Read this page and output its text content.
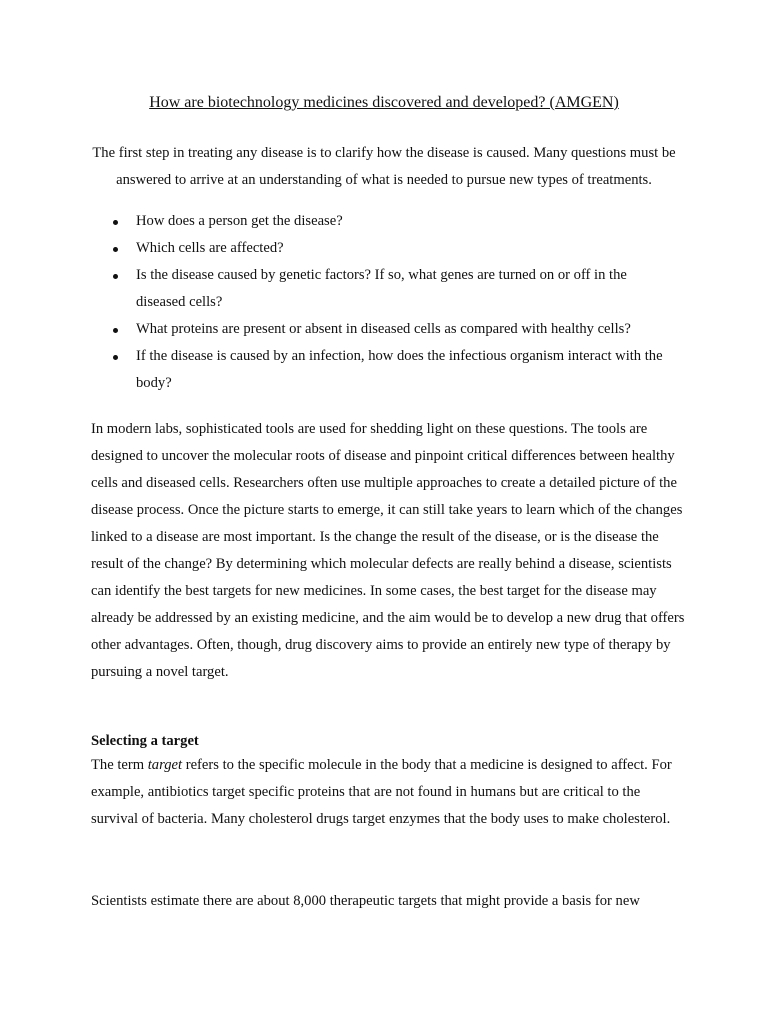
How are biotechnology medicines discovered and developed? (AMGEN)

The first step in treating any disease is to clarify how the disease is caused. Many questions must be answered to arrive at an understanding of what is needed to pursue new types of treatments.

How does a person get the disease?
Which cells are affected?
Is the disease caused by genetic factors? If so, what genes are turned on or off in the diseased cells?
What proteins are present or absent in diseased cells as compared with healthy cells?
If the disease is caused by an infection, how does the infectious organism interact with the body?

In modern labs, sophisticated tools are used for shedding light on these questions. The tools are designed to uncover the molecular roots of disease and pinpoint critical differences between healthy cells and diseased cells. Researchers often use multiple approaches to create a detailed picture of the disease process. Once the picture starts to emerge, it can still take years to learn which of the changes linked to a disease are most important. Is the change the result of the disease, or is the disease the result of the change? By determining which molecular defects are really behind a disease, scientists can identify the best targets for new medicines. In some cases, the best target for the disease may already be addressed by an existing medicine, and the aim would be to develop a new drug that offers other advantages. Often, though, drug discovery aims to provide an entirely new type of therapy by pursuing a novel target.

Selecting a target

The term target refers to the specific molecule in the body that a medicine is designed to affect. For example, antibiotics target specific proteins that are not found in humans but are critical to the survival of bacteria. Many cholesterol drugs target enzymes that the body uses to make cholesterol.

Scientists estimate there are about 8,000 therapeutic targets that might provide a basis for new
